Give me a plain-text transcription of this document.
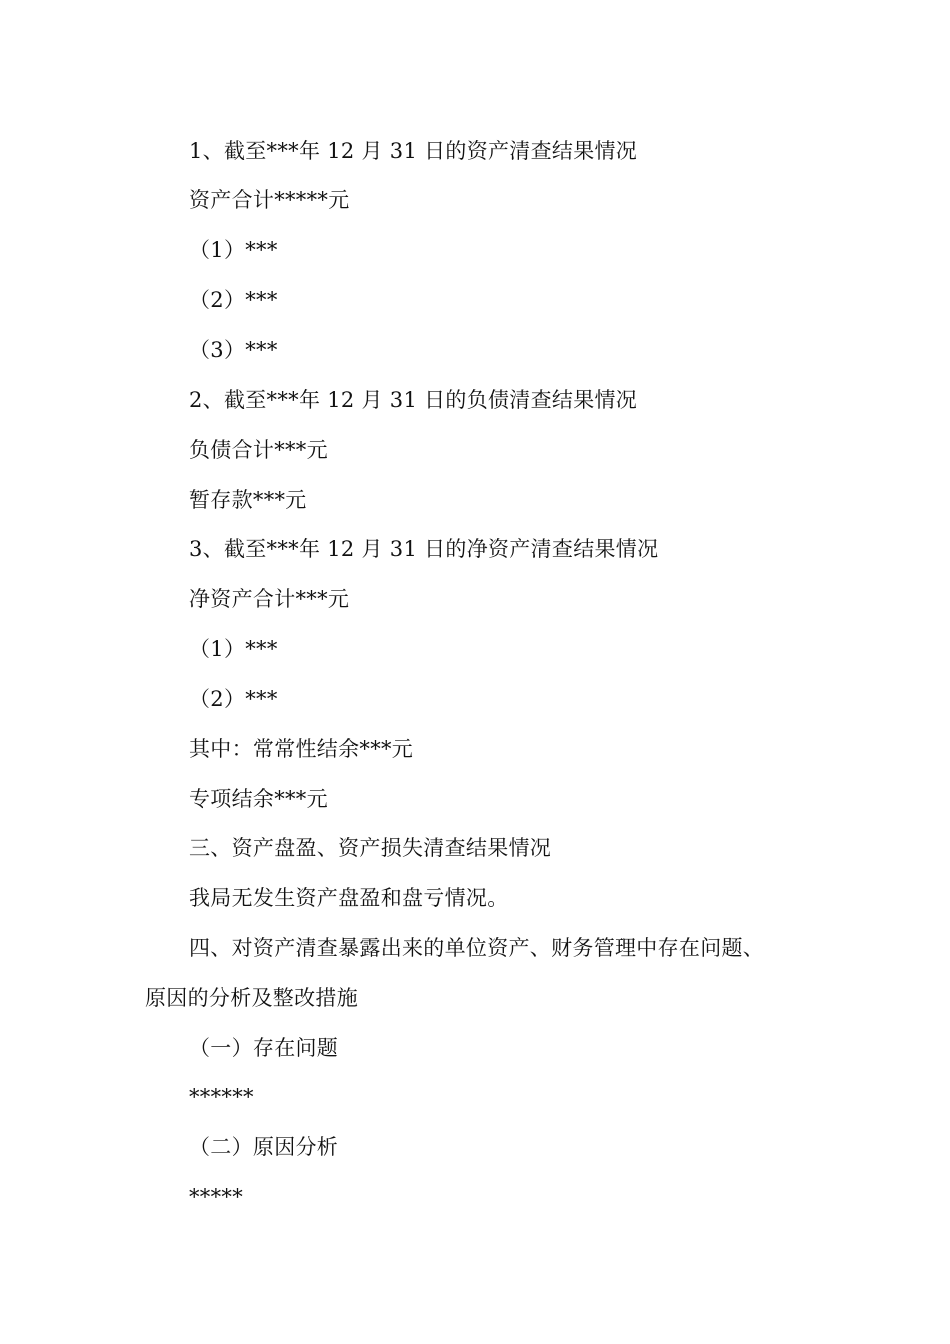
1、截至***年 12 月 31 日的资产清查结果情况
资产合计*****元
（1）***
（2）***
（3）***
2、截至***年 12 月 31 日的负债清查结果情况
负债合计***元
暂存款***元
3、截至***年 12 月 31 日的净资产清查结果情况
净资产合计***元
（1）***
（2）***
其中：常常性结余***元
专项结余***元
三、资产盘盈、资产损失清查结果情况
我局无发生资产盘盈和盘亏情况。
四、对资产清查暴露出来的单位资产、财务管理中存在问题、
原因的分析及整改措施
（一）存在问题
******
（二）原因分析
*****
